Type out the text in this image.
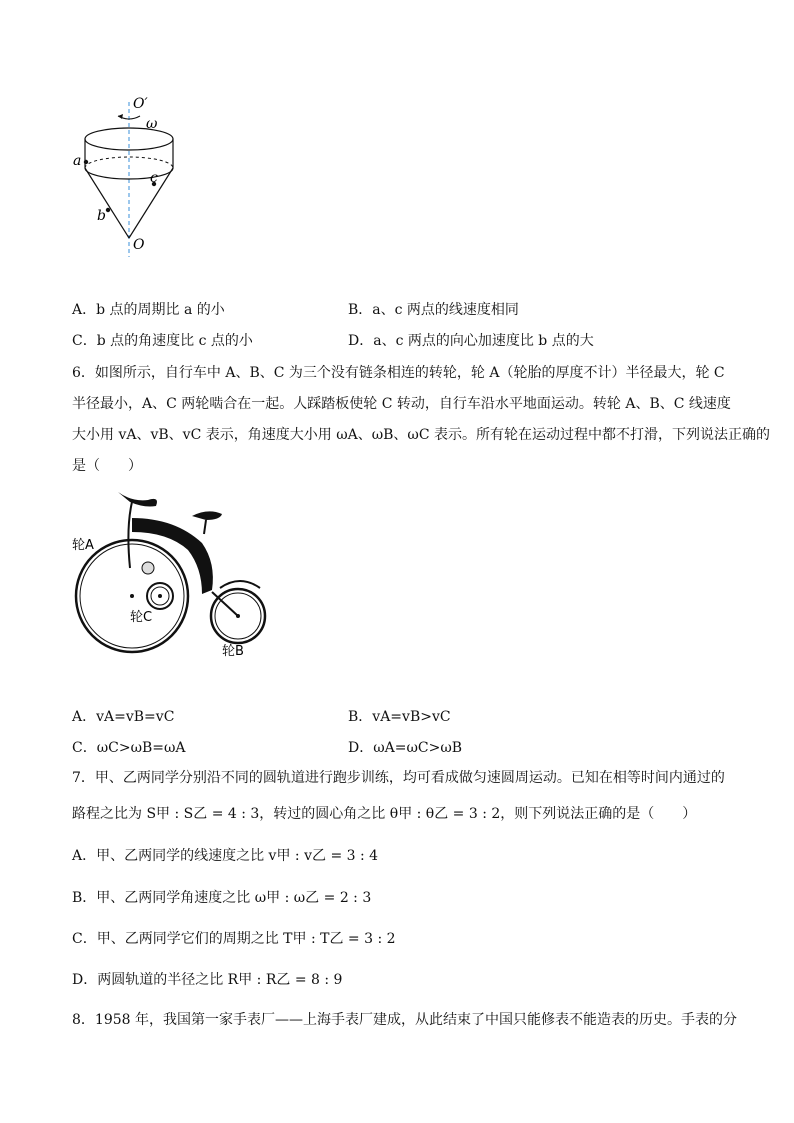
O′
ω
a
c
b
O
A．b 点的周期比 a 的小	B．a、c 两点的线速度相同
C．b 点的角速度比 c 点的小	D．a、c 两点的向心加速度比 b 点的大
6．如图所示，自行车中 A、B、C 为三个没有链条相连的转轮，轮 A（轮胎的厚度不计）半径最大，轮 C
半径最小，A、C 两轮啮合在一起。人踩踏板使轮 C 转动，自行车沿水平地面运动。转轮 A、B、C 线速度
大小用 vA、vB、vC 表示，角速度大小用 ωA、ωB、ωC 表示。所有轮在运动过程中都不打滑，下列说法正确的
是（　　）
轮A
轮C
轮B
A．vA=vB=vC	B．vA=vB>vC
C．ωC>ωB=ωA	D．ωA=ωC>ωB
7．甲、乙两同学分别沿不同的圆轨道进行跑步训练，均可看成做匀速圆周运动。已知在相等时间内通过的
路程之比为 S甲 : S乙 = 4 : 3，转过的圆心角之比 θ甲 : θ乙 = 3 : 2，则下列说法正确的是（　　）
A．甲、乙两同学的线速度之比 v甲 : v乙 = 3 : 4
B．甲、乙两同学角速度之比 ω甲 : ω乙 = 2 : 3
C．甲、乙两同学它们的周期之比 T甲 : T乙 = 3 : 2
D．两圆轨道的半径之比 R甲 : R乙 = 8 : 9
8．1958 年，我国第一家手表厂——上海手表厂建成，从此结束了中国只能修表不能造表的历史。手表的分
